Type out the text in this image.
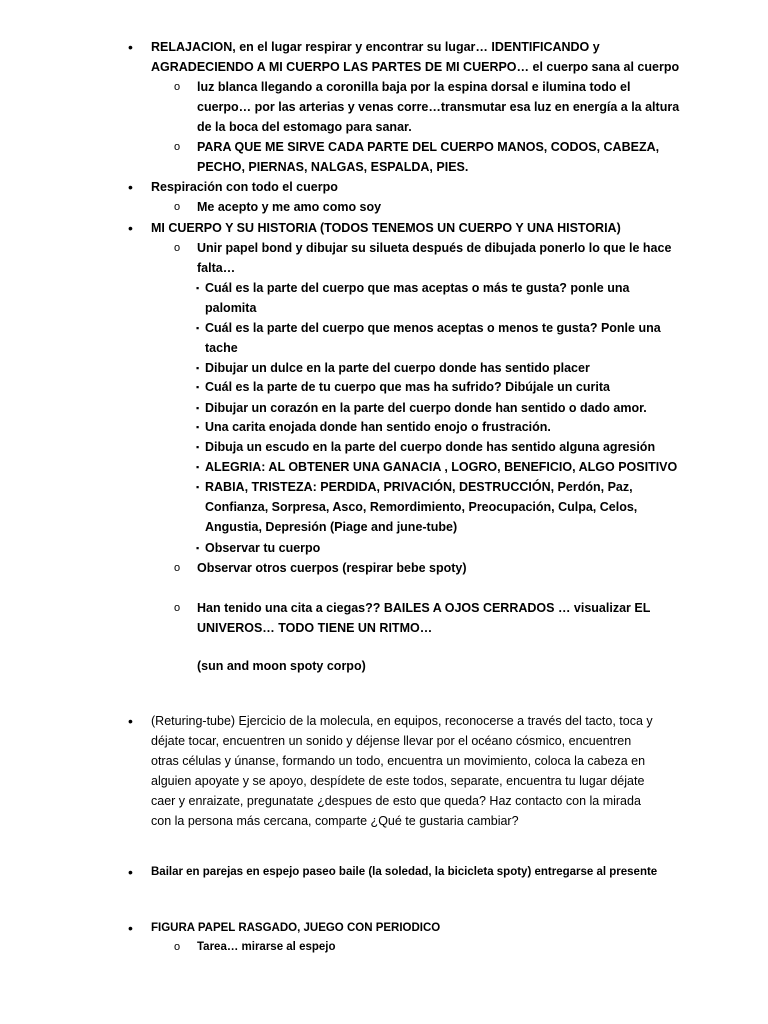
• RELAJACION, en el lugar respirar y encontrar su lugar… IDENTIFICANDO y
AGRADECIENDO A MI CUERPO LAS PARTES DE MI CUERPO… el cuerpo sana al cuerpo
o luz blanca llegando a coronilla baja por la espina dorsal e ilumina todo el
cuerpo… por las arterias y venas corre…transmutar esa luz en energía a la altura
de la boca del estomago para sanar.
o PARA QUE ME SIRVE CADA PARTE DEL CUERPO MANOS, CODOS, CABEZA,
PECHO, PIERNAS, NALGAS, ESPALDA, PIES.
• Respiración con todo el cuerpo
o Me acepto y me amo como soy
• MI CUERPO Y SU HISTORIA (TODOS TENEMOS UN CUERPO Y UNA HISTORIA)
o Unir papel bond y dibujar su silueta después de dibujada ponerlo lo que le hace
falta…
▪ Cuál es la parte del cuerpo que mas aceptas o más te gusta? ponle una
palomita
▪ Cuál es la parte del cuerpo que menos aceptas o menos te gusta? Ponle una
tache
▪ Dibujar un dulce en la parte del cuerpo donde has sentido placer
▪ Cuál es la parte de tu cuerpo que mas ha sufrido? Dibújale un curita
▪ Dibujar un corazón en la parte del cuerpo donde han sentido o dado amor.
▪ Una carita enojada donde han sentido enojo o frustración.
▪ Dibuja un escudo en la parte del cuerpo donde has sentido alguna agresión
▪ ALEGRIA: AL OBTENER UNA GANACIA , LOGRO, BENEFICIO, ALGO POSITIVO
▪ RABIA, TRISTEZA: PERDIDA, PRIVACIÓN, DESTRUCCIÓN, Perdón, Paz,
Confianza, Sorpresa, Asco, Remordimiento, Preocupación, Culpa, Celos,
Angustia, Depresión (Piage and june-tube)
▪ Observar tu cuerpo
o Observar otros cuerpos (respirar bebe spoty)
o Han tenido una cita a ciegas?? BAILES A OJOS CERRADOS … visualizar EL
UNIVEROS… TODO TIENE UN RITMO…
(sun and moon spoty corpo)
• (Returing-tube) Ejercicio de la molecula, en equipos, reconocerse a través del tacto, toca y
déjate tocar, encuentren un sonido y déjense llevar por el océano cósmico, encuentren
otras células y únanse, formando un todo, encuentra un movimiento, coloca la cabeza en
alguien apoyate y se apoyo, despídete de este todos, separate, encuentra tu lugar déjate
caer y enraizate, pregunatate ¿despues de esto que queda? Haz contacto con la mirada
con la persona más cercana, comparte ¿Qué te gustaria cambiar?
• Bailar en parejas en espejo paseo baile (la soledad, la bicicleta spoty) entregarse al presente
• FIGURA PAPEL RASGADO, JUEGO CON PERIODICO
o Tarea… mirarse al espejo
